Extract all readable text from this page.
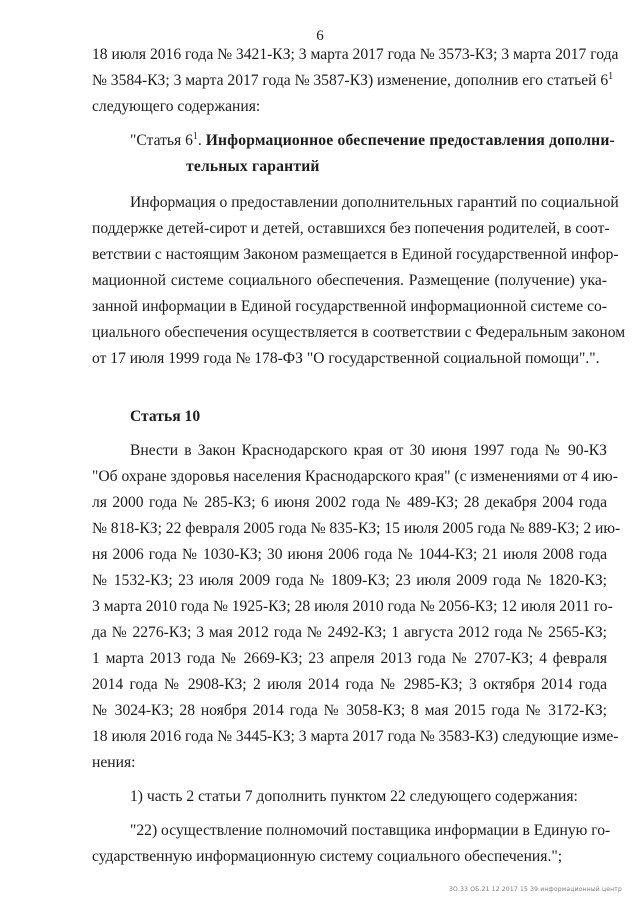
6
18 июля 2016 года № 3421-КЗ; 3 марта 2017 года № 3573-КЗ; 3 марта 2017 года
№ 3584-КЗ; 3 марта 2017 года № 3587-КЗ) изменение, дополнив его статьей $6^1$
следующего содержания:
"Статья $6^1$. Информационное обеспечение предоставления дополни-
тельных гарантий
Информация о предоставлении дополнительных гарантий по социальной
поддержке детей-сирот и детей, оставшихся без попечения родителей, в соот-
ветствии с настоящим Законом размещается в Единой государственной инфор-
мационной системе социального обеспечения. Размещение (получение) ука-
занной информации в Единой государственной информационной системе со-
циального обеспечения осуществляется в соответствии с Федеральным законом
от 17 июля 1999 года № 178-ФЗ "О государственной социальной помощи".".
Статья 10
Внести в Закон Краснодарского края от 30 июня 1997 года № 90-КЗ
"Об охране здоровья населения Краснодарского края" (с изменениями от 4 ию-
ля 2000 года № 285-КЗ; 6 июня 2002 года № 489-КЗ; 28 декабря 2004 года
№ 818-КЗ; 22 февраля 2005 года № 835-КЗ; 15 июля 2005 года № 889-КЗ; 2 ию-
ня 2006 года № 1030-КЗ; 30 июня 2006 года № 1044-КЗ; 21 июля 2008 года
№ 1532-КЗ; 23 июля 2009 года № 1809-КЗ; 23 июля 2009 года № 1820-КЗ;
3 марта 2010 года № 1925-КЗ; 28 июля 2010 года № 2056-КЗ; 12 июля 2011 го-
да № 2276-КЗ; 3 мая 2012 года № 2492-КЗ; 1 августа 2012 года № 2565-КЗ;
1 марта 2013 года № 2669-КЗ; 23 апреля 2013 года № 2707-КЗ; 4 февраля
2014 года № 2908-КЗ; 2 июля 2014 года № 2985-КЗ; 3 октября 2014 года
№ 3024-КЗ; 28 ноября 2014 года № 3058-КЗ; 8 мая 2015 года № 3172-КЗ;
18 июля 2016 года № 3445-КЗ; 3 марта 2017 года № 3583-КЗ) следующие изме-
нения:
1) часть 2 статьи 7 дополнить пунктом 22 следующего содержания:
"22) осуществление полномочий поставщика информации в Единую го-
сударственную информационную систему социального обеспечения.";
ЗО.33 ОБ.21 12 2017 15 39 информационный центр
